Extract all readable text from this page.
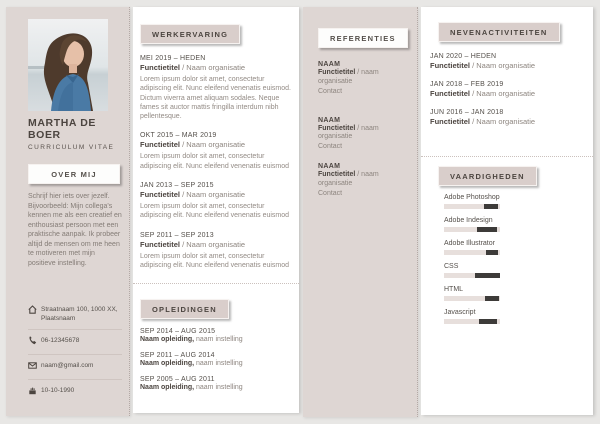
MARTHA DE BOER
CURRICULUM VITAE
OVER MIJ
Schrijf hier iets over jezelf. Bijvoorbeeld: Mijn collega's kennen me als een creatief en enthousiast persoon met een praktische aanpak. Ik probeer altijd de mensen om me heen te motiveren met mijn positieve instelling.
Straatnaam 100, 1000 XX, Plaatsnaam
06-12345678
naam@gmail.com
10-10-1990
WERKERVARING
MEI 2019 – HEDEN
Functietitel / Naam organisatie
Lorem ipsum dolor sit amet, consectetur adipiscing elit. Nunc eleifend venenatis euismod. Dictum viverra amet aliquam sodales. Neque fames sit auctor mattis fringilla interdum nibh pellentesque.
OKT 2015 – MAR 2019
Functietitel / Naam organisatie
Lorem ipsum dolor sit amet, consectetur adipiscing elit. Nunc eleifend venenatis euismod
JAN 2013 – SEP 2015
Functietitel / Naam organisatie
Lorem ipsum dolor sit amet, consectetur adipiscing elit. Nunc eleifend venenatis euismod
SEP 2011 – SEP 2013
Functietitel / Naam organisatie
Lorem ipsum dolor sit amet, consectetur adipiscing elit. Nunc eleifend venenatis euismod
OPLEIDINGEN
SEP 2014 – AUG 2015
Naam opleiding, naam instelling
SEP 2011 – AUG 2014
Naam opleiding, naam instelling
SEP 2005 – AUG 2011
Naam opleiding, naam instelling
REFERENTIES
NAAM
Functietitel / naam organisatie
Contact
NAAM
Functietitel / naam organisatie
Contact
NAAM
Functietitel / naam organisatie
Contact
NEVENACTIVITEITEN
JAN 2020 – HEDEN
Functietitel / Naam organisatie
JAN 2018 – FEB 2019
Functietitel / Naam organisatie
JUN 2016 – JAN 2018
Functietitel / Naam organisatie
VAARDIGHEDEN
Adobe Photoshop
Adobe Indesign
Adobe Illustrator
CSS
HTML
Javascript
